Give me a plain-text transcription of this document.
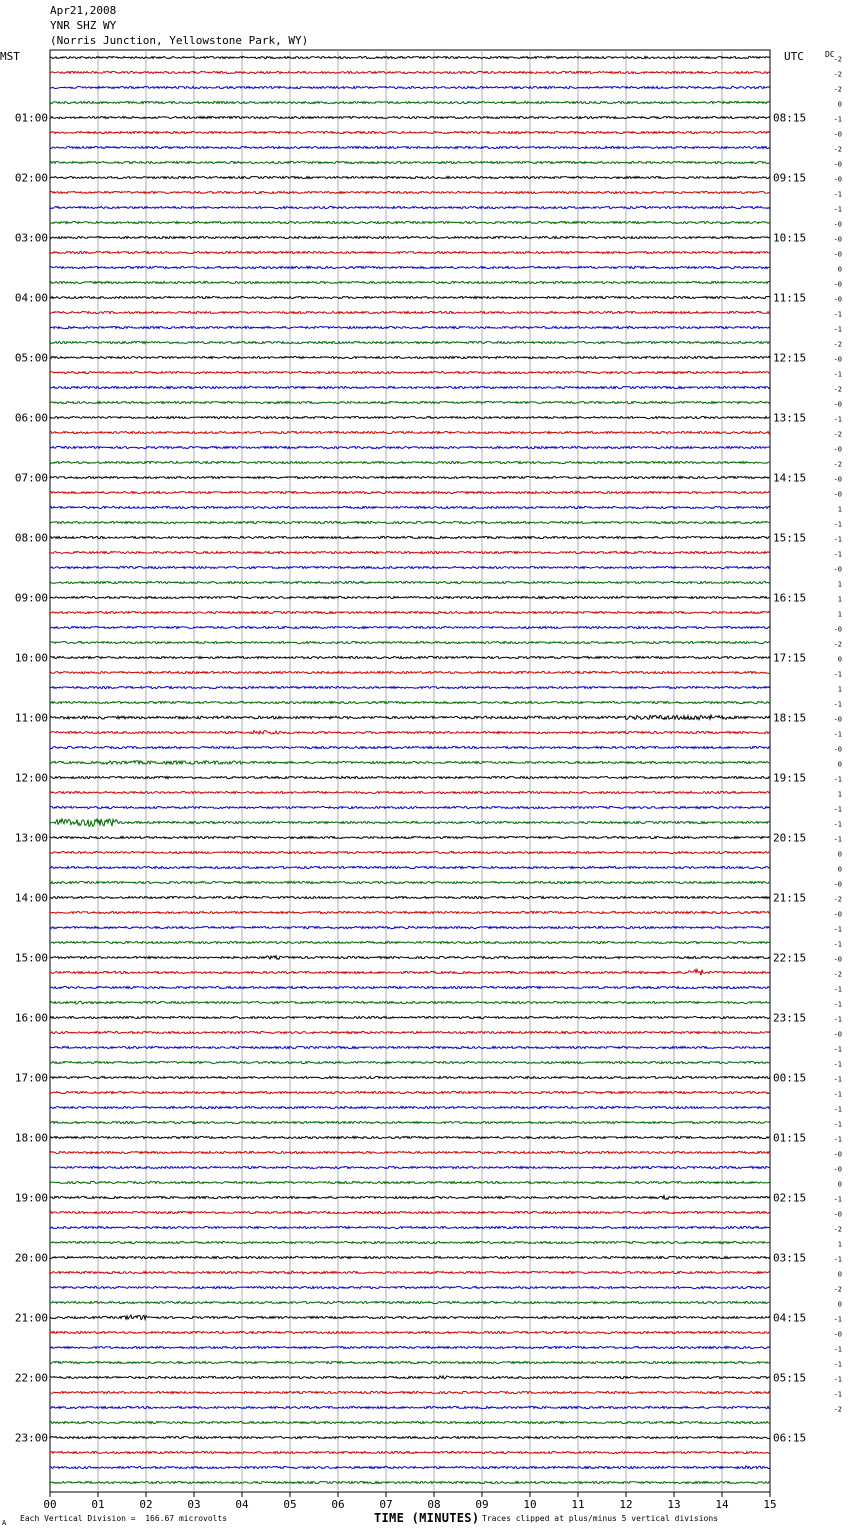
Apr21,2008
YNR SHZ WY
(Norris Junction, Yellowstone Park, WY)
MST	UTC	DC
00	01	02	03	04	05	06	07	08	09	10	11	12	13	14	15
-2
-2
-2
0
-1
01:00	08:15
-0
-2
-0
-0
02:00	09:15
-1
-1
-0
-0
03:00	10:15
-0
0
-0
-0
04:00	11:15
-1
-1
-2
-0
05:00	12:15
-1
-2
-0
-1
06:00	13:15
-2
-0
-2
-0
07:00	14:15
-0
1
-1
-1
08:00	15:15
-1
-0
1
1
09:00	16:15
1
-0
-2
0
10:00	17:15
-1
1
-1
-0
11:00	18:15
-1
-0
0
-1
12:00	19:15
1
-1
-1
-1
13:00	20:15
0
0
-0
-2
14:00	21:15
-0
-1
-1
-0
15:00	22:15
-2
-1
-1
-1
16:00	23:15
-0
-1
-1
-1
17:00	00:15
-1
-1
-1
-1
18:00	01:15
-0
-0
0
-1
19:00	02:15
-0
-2
1
-1
20:00	03:15
0
-2
0
-1
21:00	04:15
-0
-1
-1
-1
22:00	05:15
-1
-2
23:00	06:15
A Each Vertical Division =  166.67 microvolts	TIME (MINUTES) Traces clipped at plus/minus 5 vertical divisions
